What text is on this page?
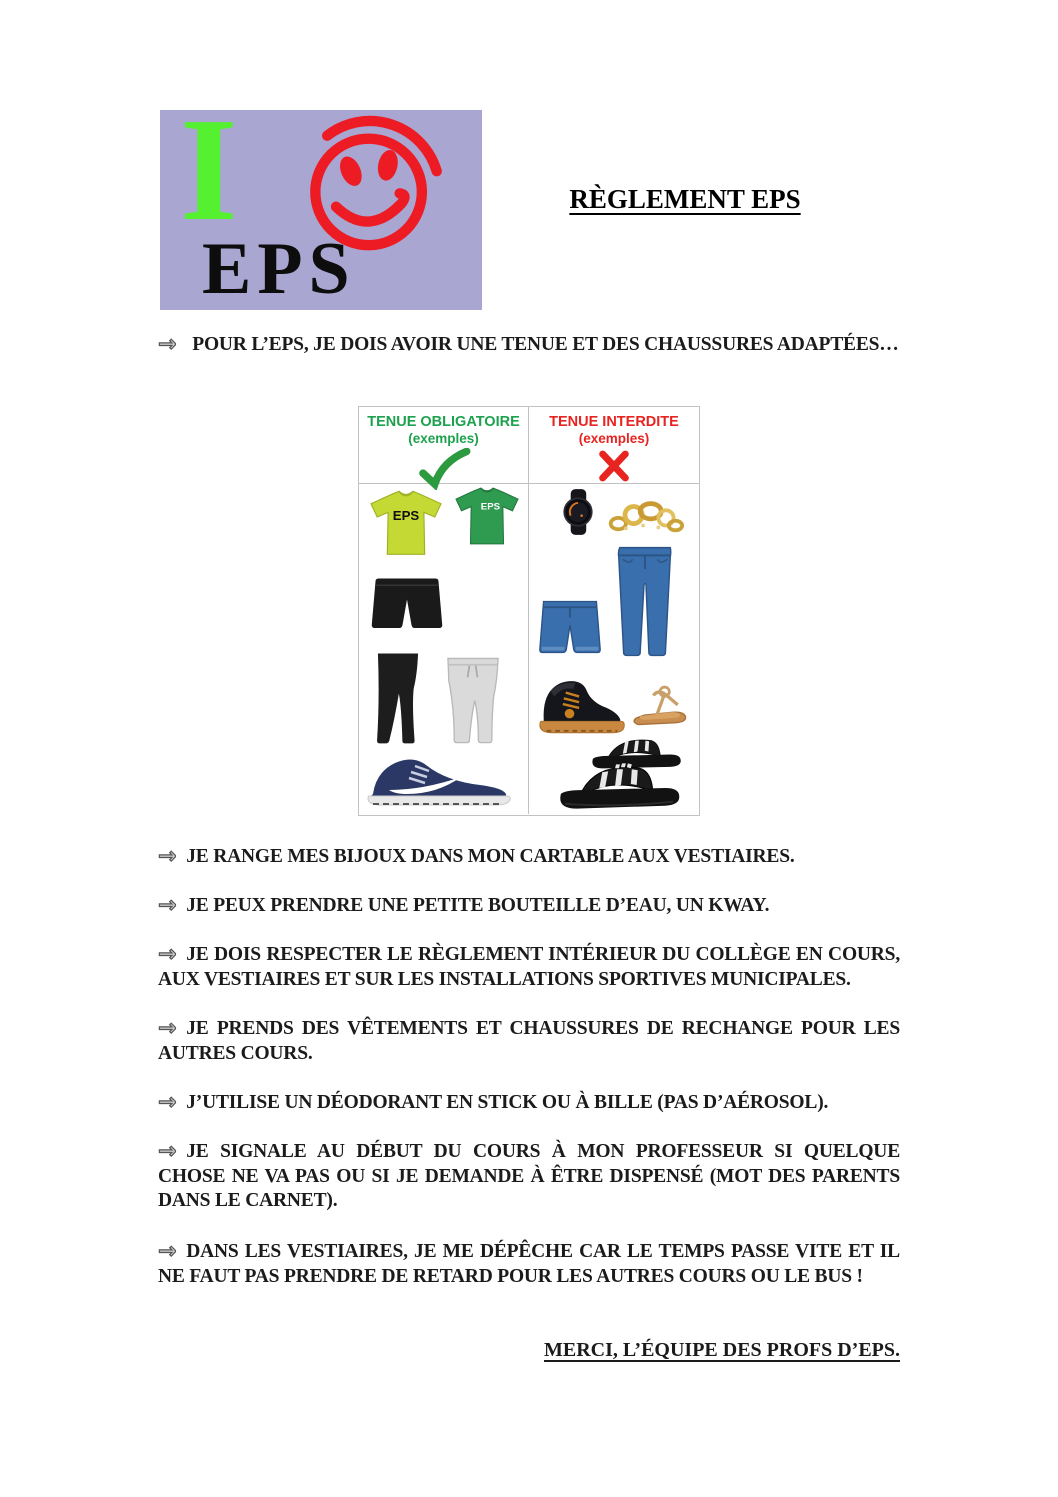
I
EPS
RÈGLEMENT EPS
→ POUR L’EPS, JE DOIS AVOIR UNE TENUE ET DES CHAUSSURES ADAPTÉES…
TENUE OBLIGATOIRE
(exemples)
TENUE INTERDITE
(exemples)
EPS
EPS
→ JE RANGE MES BIJOUX DANS MON CARTABLE AUX VESTIAIRES.
→ JE PEUX PRENDRE UNE PETITE BOUTEILLE D’EAU, UN KWAY.
→ JE DOIS RESPECTER LE RÈGLEMENT INTÉRIEUR DU COLLÈGE EN COURS, AUX VESTIAIRES ET SUR LES INSTALLATIONS SPORTIVES MUNICIPALES.
→ JE PRENDS DES VÊTEMENTS ET CHAUSSURES DE RECHANGE POUR LES AUTRES COURS.
→ J’UTILISE UN DÉODORANT EN STICK OU À BILLE (PAS D’AÉROSOL).
→ JE SIGNALE AU DÉBUT DU COURS À MON PROFESSEUR SI QUELQUE CHOSE NE VA PAS OU SI JE DEMANDE À ÊTRE DISPENSÉ (MOT DES PARENTS DANS LE CARNET).
→ DANS LES VESTIAIRES, JE ME DÉPÊCHE CAR LE TEMPS PASSE VITE ET IL NE FAUT PAS PRENDRE DE RETARD POUR LES AUTRES COURS OU LE BUS !
MERCI, L’ÉQUIPE DES PROFS D’EPS.
